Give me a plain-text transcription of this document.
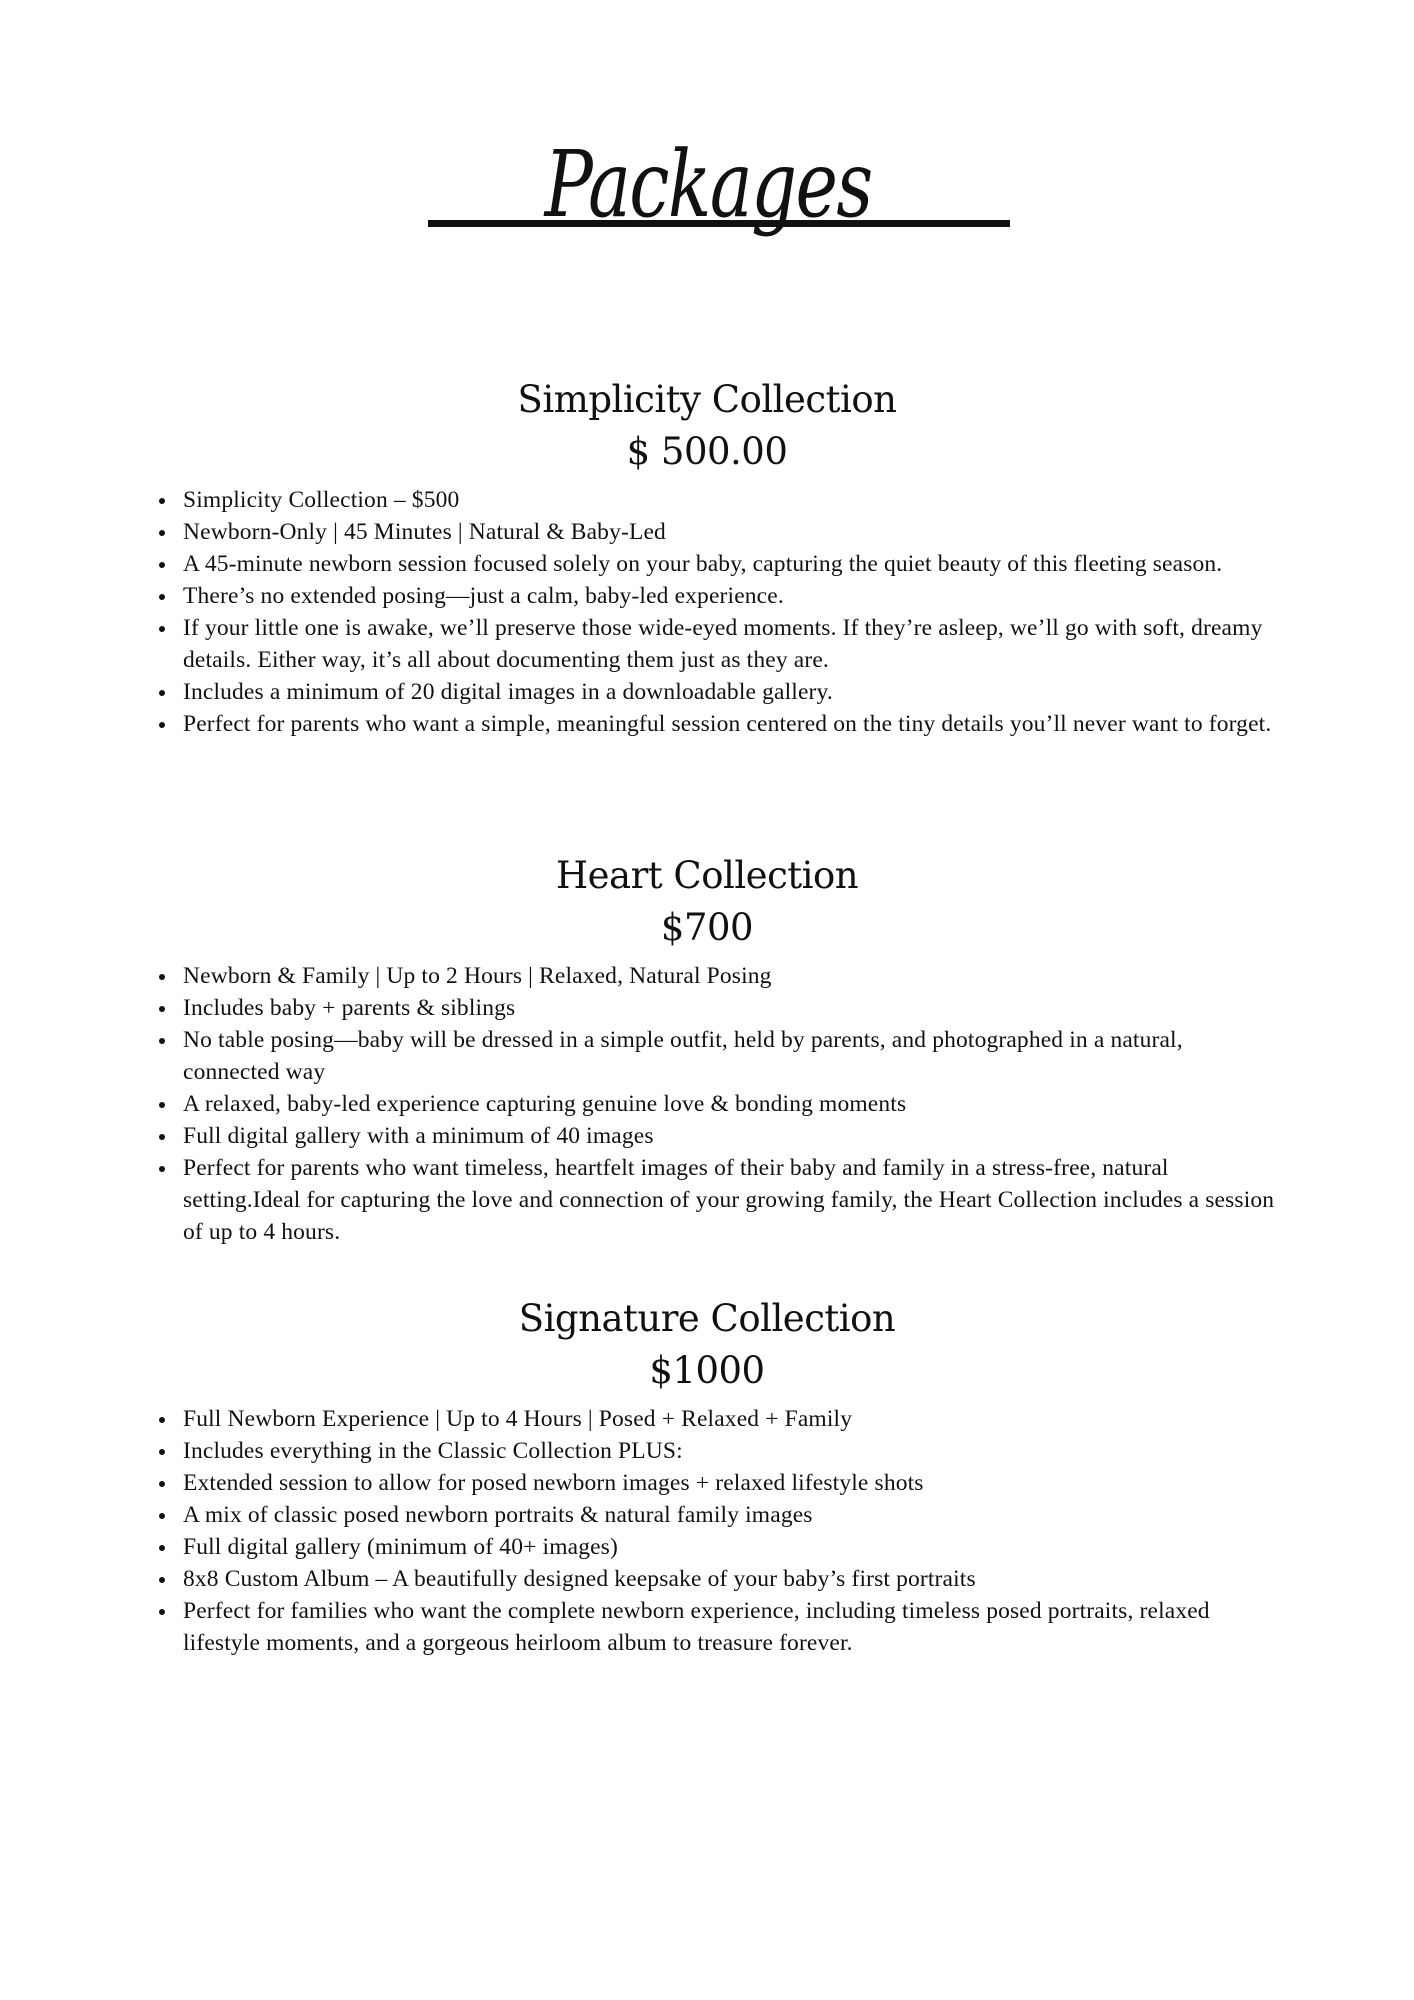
Packages
Simplicity Collection
$ 500.00
Simplicity Collection – $500
Newborn-Only | 45 Minutes | Natural & Baby-Led
A 45-minute newborn session focused solely on your baby, capturing the quiet beauty of this fleeting season.
There’s no extended posing—just a calm, baby-led experience.
If your little one is awake, we’ll preserve those wide-eyed moments. If they’re asleep, we’ll go with soft, dreamy details. Either way, it’s all about documenting them just as they are.
Includes a minimum of 20 digital images in a downloadable gallery.
Perfect for parents who want a simple, meaningful session centered on the tiny details you’ll never want to forget.
Heart Collection
$700
Newborn & Family | Up to 2 Hours | Relaxed, Natural Posing
Includes baby + parents & siblings
No table posing—baby will be dressed in a simple outfit, held by parents, and photographed in a natural, connected way
A relaxed, baby-led experience capturing genuine love & bonding moments
Full digital gallery with a minimum of 40 images
Perfect for parents who want timeless, heartfelt images of their baby and family in a stress-free, natural setting.Ideal for capturing the love and connection of your growing family, the Heart Collection includes a session of up to 4 hours.
Signature Collection
$1000
Full Newborn Experience | Up to 4 Hours | Posed + Relaxed + Family
Includes everything in the Classic Collection PLUS:
Extended session to allow for posed newborn images + relaxed lifestyle shots
A mix of classic posed newborn portraits & natural family images
Full digital gallery (minimum of 40+ images)
8x8 Custom Album – A beautifully designed keepsake of your baby’s first portraits
Perfect for families who want the complete newborn experience, including timeless posed portraits, relaxed lifestyle moments, and a gorgeous heirloom album to treasure forever.
